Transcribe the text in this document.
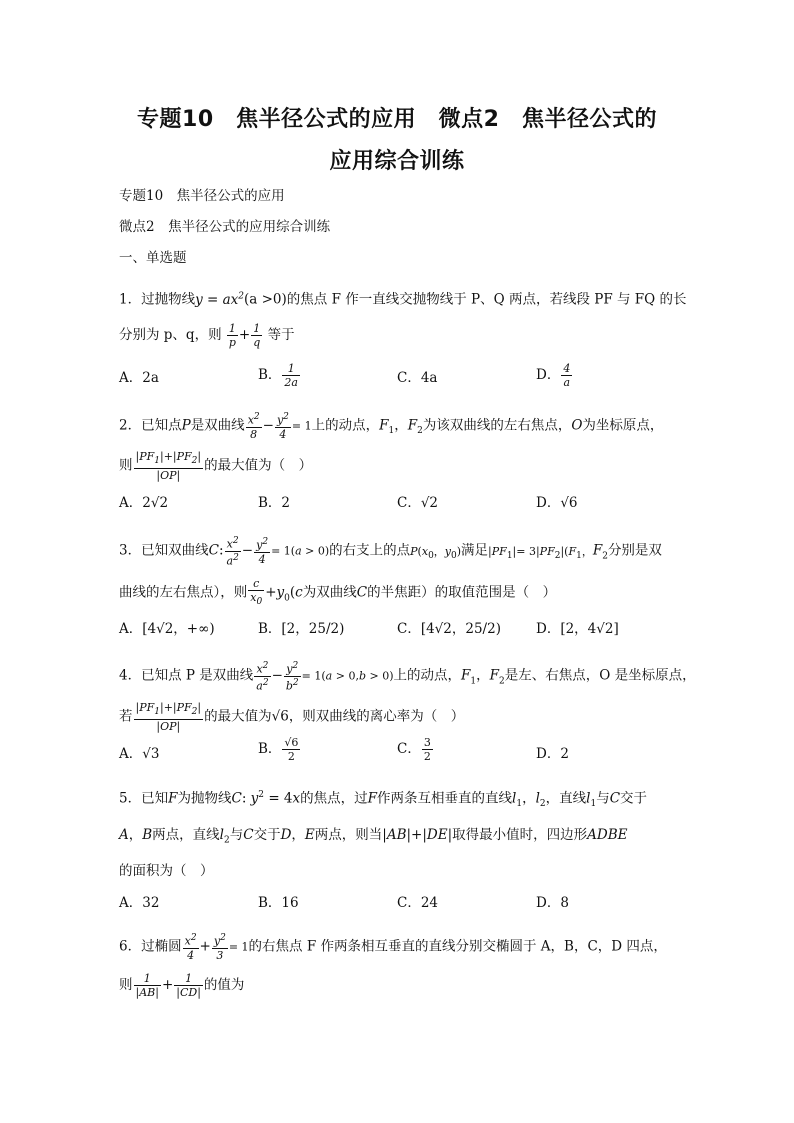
专题10　焦半径公式的应用　微点2　焦半径公式的
应用综合训练
专题10　焦半径公式的应用
微点2　焦半径公式的应用综合训练
一、单选题
1．过抛物线$y = ax^2(a >0)$的焦点 F 作一直线交抛物线于 P、Q 两点，若线段 PF 与 FQ 的长
分别为 p、q，则 $\frac{1}{p} + \frac{1}{q}$ 等于
A．2a	B． $\frac{1}{2a}$	C．4a	D． $\frac{4}{a}$
2．已知点P是双曲线 $\frac{x^2}{8} - \frac{y^2}{4} = 1$上的动点，$F_1$，$F_2$为该双曲线的左右焦点，O为坐标原点，
则 $\frac{|PF_1|+|PF_2|}{|OP|}$ 的最大值为（　）
A．2√2	B．2	C．√2	D．√6
3．已知双曲线C: $\frac{x^2}{a^2} - \frac{y^2}{4} = 1(a > 0)$的右支上的点$P(x_0$，$y_0$)满足$|PF_1|= 3|PF_2|(F_1$，$F_2$分别是双
曲线的左右焦点），则 $\frac{c}{x_0} +y_0(c$为双曲线C的半焦距）的取值范围是（　）
A．[4√2，+∞)	B．[2，25/2)	C．[4√2，25/2)	D．[2，4√2]
4．已知点 P 是双曲线 $\frac{x^2}{a^2} - \frac{y^2}{b^2} = 1(a > 0,b > 0)$上的动点，$F_1$，$F_2$是左、右焦点，O 是坐标原点，
若 $\frac{|PF_1|+|PF_2|}{|OP|}$ 的最大值为√6，则双曲线的离心率为（　）
A．√3	B． $\frac{√6}{2}$	C． $\frac{3}{2}$	D．2
5．已知F为抛物线C: $y^2 = 4x$的焦点，过F作两条互相垂直的直线$l_1$，$l_2$，直线$l_1$与C交于
A，B两点，直线$l_2$与C交于D，E两点，则当|AB|+|DE|取得最小值时，四边形ADBE
的面积为（　）
A．32	B．16	C．24	D．8
6．过椭圆 $\frac{x^2}{4} + \frac{y^2}{3} = 1$的右焦点 F 作两条相互垂直的直线分别交椭圆于 A，B，C，D 四点，
则 $\frac{1}{|AB|} + \frac{1}{|CD|}$ 的值为
